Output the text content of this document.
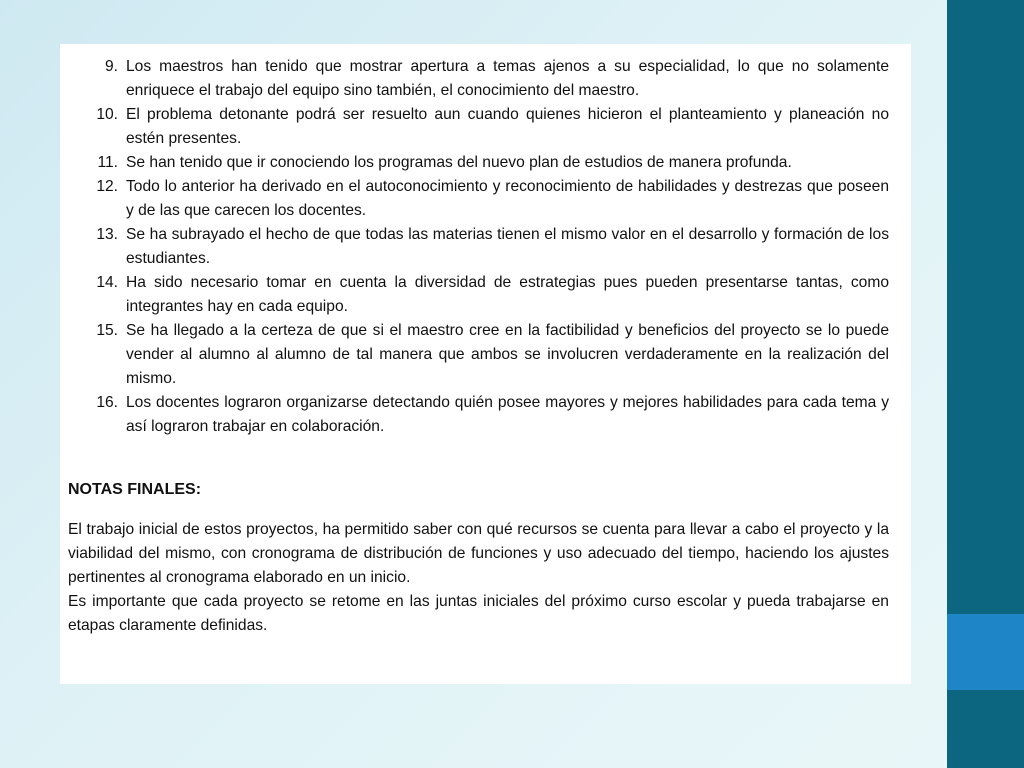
9. Los maestros han tenido que mostrar apertura a temas ajenos a su especialidad, lo que no solamente enriquece el trabajo del equipo sino también, el conocimiento del maestro.
10. El problema detonante podrá ser resuelto aun cuando quienes hicieron el planteamiento y planeación no estén presentes.
11. Se han tenido que ir conociendo los programas del nuevo plan de estudios de manera profunda.
12. Todo lo anterior ha derivado en el autoconocimiento y reconocimiento de habilidades y destrezas que poseen y de las que carecen los docentes.
13. Se ha subrayado el hecho de que todas las materias tienen el mismo valor en el desarrollo y formación de los estudiantes.
14. Ha sido necesario tomar en cuenta la diversidad de estrategias pues pueden presentarse tantas, como integrantes hay en cada equipo.
15. Se ha llegado a la certeza de que si el maestro cree en la factibilidad y beneficios del proyecto se lo puede vender al alumno al alumno de tal manera que ambos se involucren verdaderamente en la realización del mismo.
16. Los docentes lograron organizarse detectando quién posee mayores y mejores habilidades para cada tema y así lograron trabajar en colaboración.
NOTAS FINALES:

El trabajo inicial de estos proyectos, ha permitido saber con qué recursos se cuenta para llevar a cabo el proyecto y la viabilidad del mismo, con cronograma de distribución de funciones y uso adecuado del tiempo, haciendo los ajustes pertinentes al cronograma elaborado en un inicio.

Es importante que cada proyecto se retome en las juntas iniciales del próximo curso escolar y pueda trabajarse en etapas claramente definidas.
